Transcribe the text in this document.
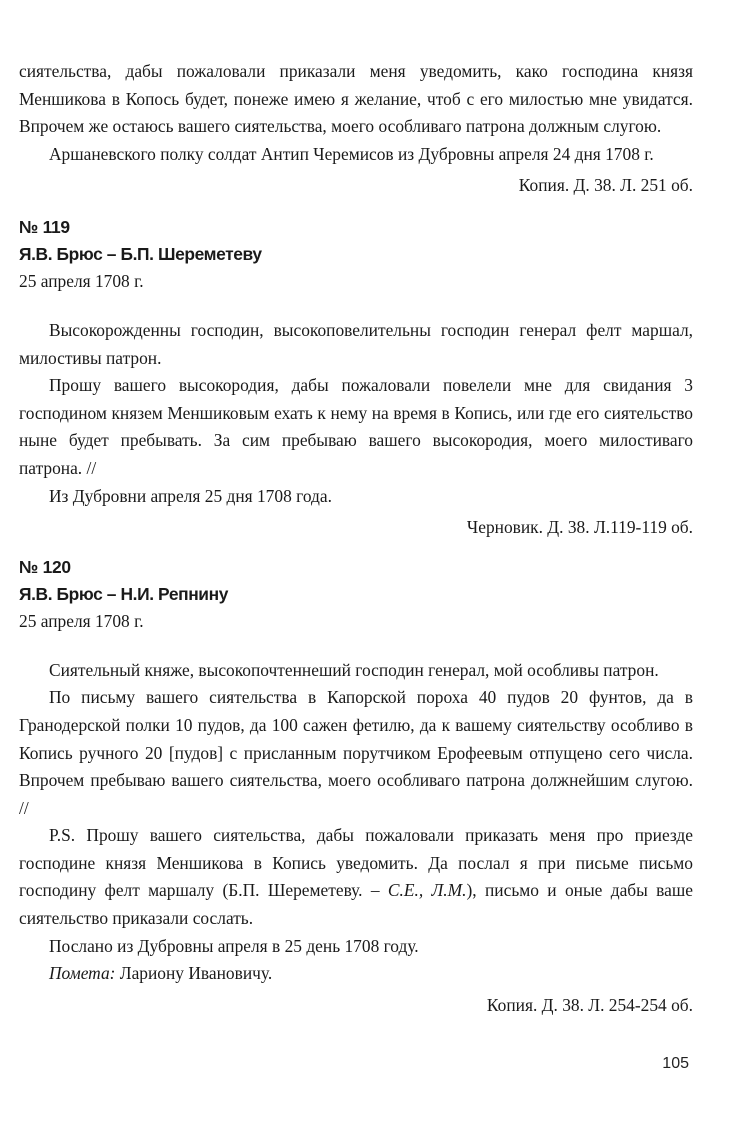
сиятельства, дабы пожаловали приказали меня уведомить, како господина князя Меншикова в Копось будет, понеже имею я желание, чтоб с его милостью мне увидатся. Впрочем же остаюсь вашего сиятельства, моего особливаго патрона должным слугою.

Аршаневского полку солдат Антип Черемисов из Дубровны апреля 24 дня 1708 г.

Копия. Д. 38. Л. 251 об.

№ 119

Я.В. Брюс – Б.П. Шереметеву

25 апреля 1708 г.

Высокорожденны господин, высокоповелительны господин генерал фелт маршал, милостивы патрон.

Прошу вашего высокородия, дабы пожаловали повелели мне для свидания 3 господином князем Меншиковым ехать к нему на время в Копись, или где его сиятельство ныне будет пребывать. За сим пребываю вашего высокородия, моего милостиваго патрона. //

Из Дубровни апреля 25 дня 1708 года.

Черновик. Д. 38. Л.119-119 об.

№ 120

Я.В. Брюс – Н.И. Репнину

25 апреля 1708 г.

Сиятельный княже, высокопочтеннеший господин генерал, мой особливы патрон.

По письму вашего сиятельства в Капорской пороха 40 пудов 20 фунтов, да в Гранодерской полки 10 пудов, да 100 сажен фетилю, да к вашему сиятельству особливо в Копись ручного 20 [пудов] с присланным порутчиком Ерофеевым отпущено сего числа. Впрочем пребываю вашего сиятельства, моего особливаго патрона должнейшим слугою. //

P.S. Прошу вашего сиятельства, дабы пожаловали приказать меня про приезде господине князя Меншикова в Копись уведомить. Да послал я при письме письмо господину фелт маршалу (Б.П. Шереметеву. – С.Е., Л.М.), письмо и оные дабы ваше сиятельство приказали сослать.

Послано из Дубровны апреля в 25 день 1708 году.

Помета: Лариону Ивановичу.

Копия. Д. 38. Л. 254-254 об.

105
